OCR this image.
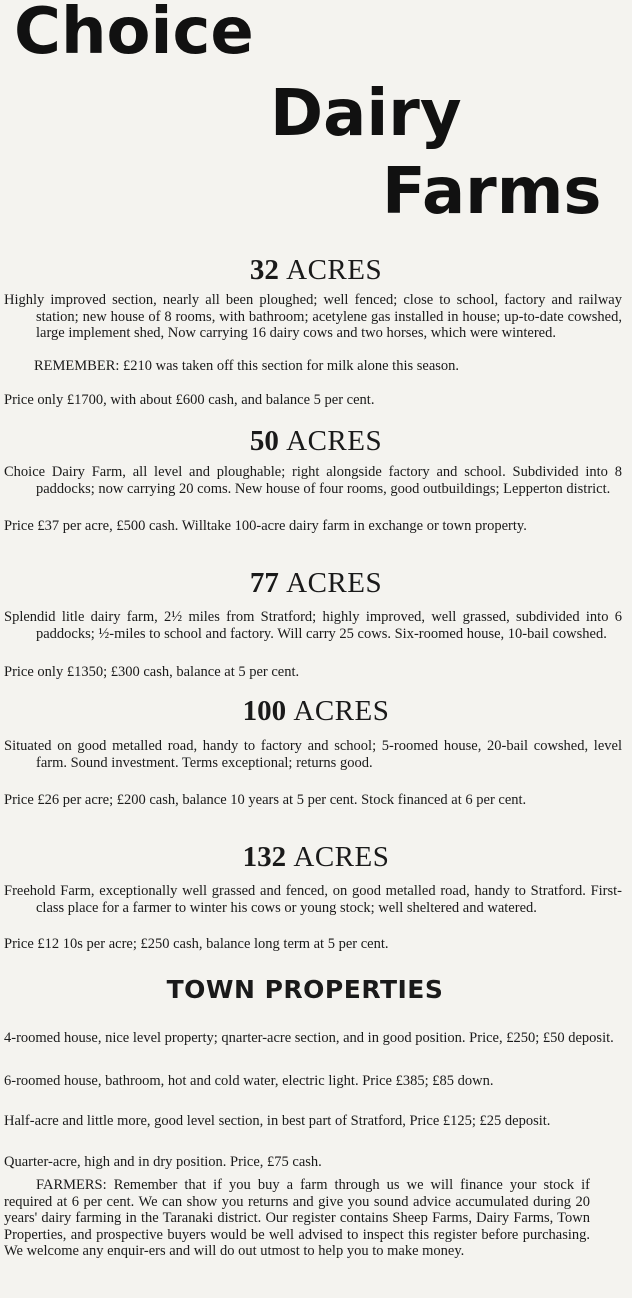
Choice
Dairy
Farms
32 ACRES

Highly improved section, nearly all been ploughed; well fenced; close to school, factory and railway station; new house of 8 rooms, with bathroom; acetylene gas installed in house; up-to-date cowshed, large implement shed, Now carrying 16 dairy cows and two horses, which were wintered.

REMEMBER: £210 was taken off this section for milk alone this season.

Price only £1700, with about £600 cash, and balance 5 per cent.

50 ACRES

Choice Dairy Farm, all level and ploughable; right alongside factory and school. Subdivided into 8 paddocks; now carrying 20 coms. New house of four rooms, good outbuildings; Lepperton district.

Price £37 per acre, £500 cash. Willtake 100-acre dairy farm in exchange or town property.

77 ACRES

Splendid litle dairy farm, 2½ miles from Stratford; highly improved, well grassed, subdivided into 6 paddocks; ½-miles to school and factory. Will carry 25 cows. Six-roomed house, 10-bail cowshed.

Price only £1350; £300 cash, balance at 5 per cent.

100 ACRES

Situated on good metalled road, handy to factory and school; 5-roomed house, 20-bail cowshed, level farm. Sound investment. Terms exceptional; returns good.

Price £26 per acre; £200 cash, balance 10 years at 5 per cent. Stock financed at 6 per cent.

132 ACRES

Freehold Farm, exceptionally well grassed and fenced, on good metalled road, handy to Stratford. First-class place for a farmer to winter his cows or young stock; well sheltered and watered.

Price £12 10s per acre; £250 cash, balance long term at 5 per cent.

TOWN PROPERTIES

4-roomed house, nice level property; qnarter-acre section, and in good position. Price, £250; £50 deposit.

6-roomed house, bathroom, hot and cold water, electric light. Price £385; £85 down.

Half-acre and little more, good level section, in best part of Stratford, Price £125; £25 deposit.

Quarter-acre, high and in dry position. Price, £75 cash.

FARMERS: Remember that if you buy a farm through us we will finance your stock if required at 6 per cent. We can show you returns and give you sound advice accumulated during 20 years' dairy farming in the Taranaki district. Our register contains Sheep Farms, Dairy Farms, Town Properties, and prospective buyers would be well advised to inspect this register before purchasing. We welcome any enquir-ers and will do out utmost to help you to make money.
